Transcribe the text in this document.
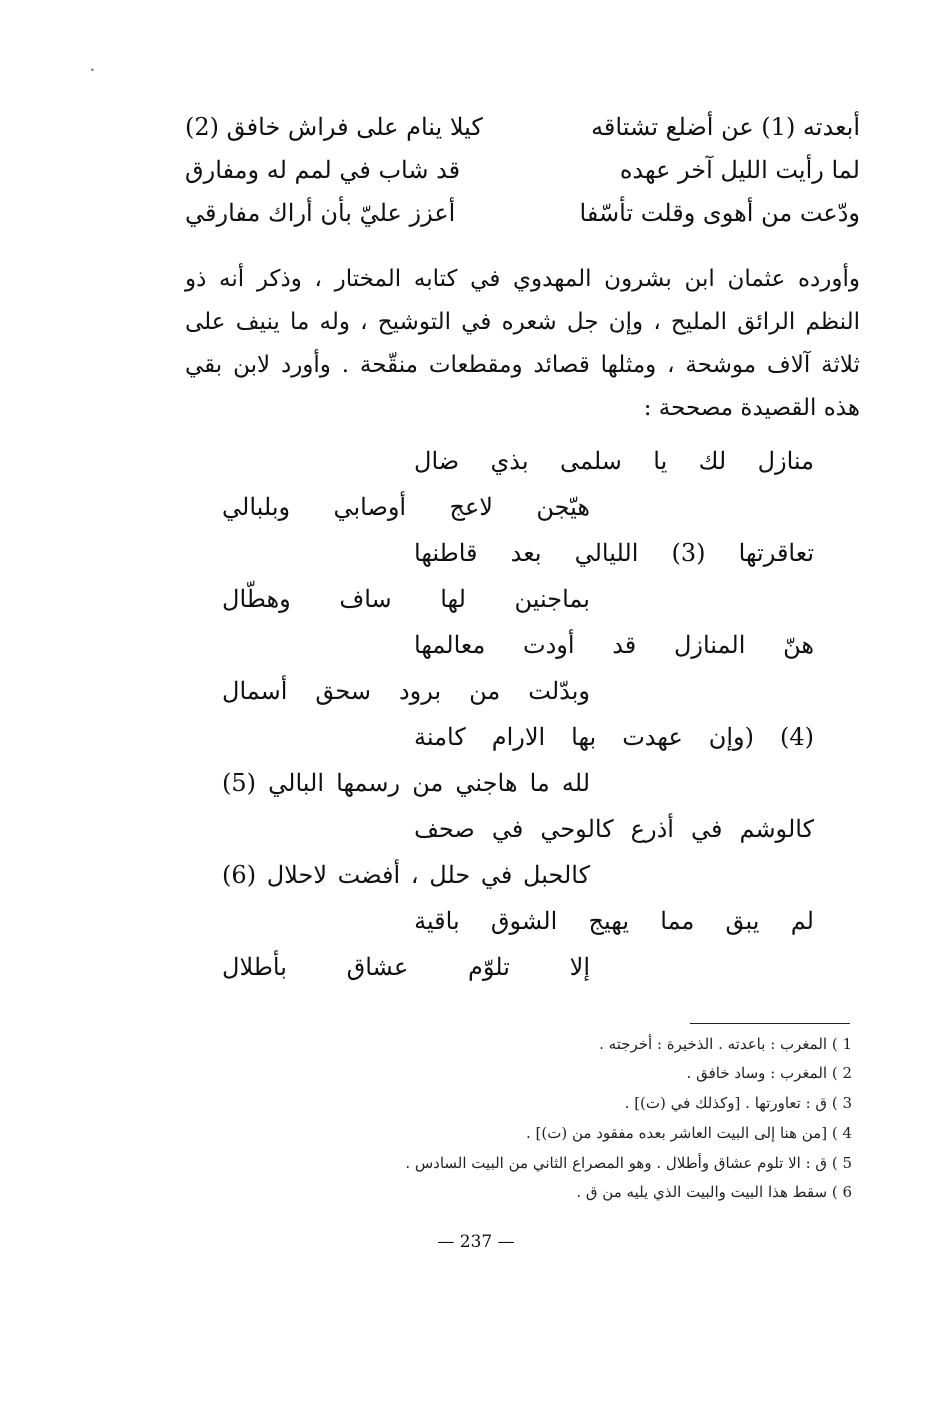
•
أبعدته (1) عن أضلع تشتاقه
كيلا ينام على فراش خافق (2)
لما رأيت الليل آخر عهده
قد شاب في لمم له ومفارق
ودّعت من أهوى وقلت تأسّفا
أعزز عليّ بأن أراك مفارقي
وأورده عثمان ابن بشرون المهدوي في كتابه المختار ، وذكر أنه ذو النظم الرائق المليح ، وإن جل شعره في التوشيح ، وله ما ينيف على ثلاثة آلاف موشحة ، ومثلها قصائد ومقطعات منقّحة . وأورد لابن بقي هذه القصيدة مصححة :
منازل
لك
يا
سلمى
بذي
ضال
هيّجن
لاعج
أوصابي
وبلبالي
تعاقرتها
(3)
الليالي
بعد
قاطنها
بماجنين
لها
ساف
وهطّال
هنّ
المنازل
قد
أودت
معالمها
وبدّلت
من
برود
سحق
أسمال
(4)
(وإن
عهدت
بها
الارام
كامنة
لله
ما
هاجني
من
رسمها
البالي
(5)
كالوشم
في
أذرع
كالوحي
في
صحف
كالحبل
في
حلل
،
أفضت
لاحلال
(6)
لم
يبق
مما
يهيج
الشوق
باقية
إلا
تلوّم
عشاق
بأطلال
1 ) المغرب : باعدته . الذخيرة : أخرجته .
2 ) المغرب : وساد خافق .
3 ) ق : تعاورتها . [وكذلك في (ت)] .
4 ) [من هنا إلى البيت العاشر بعده مفقود من (ت)] .
5 ) ق : الا تلوم عشاق وأطلال . وهو المصراع الثاني من البيت السادس .
6 ) سقط هذا البيت والبيت الذي يليه من ق .
— 237 —
